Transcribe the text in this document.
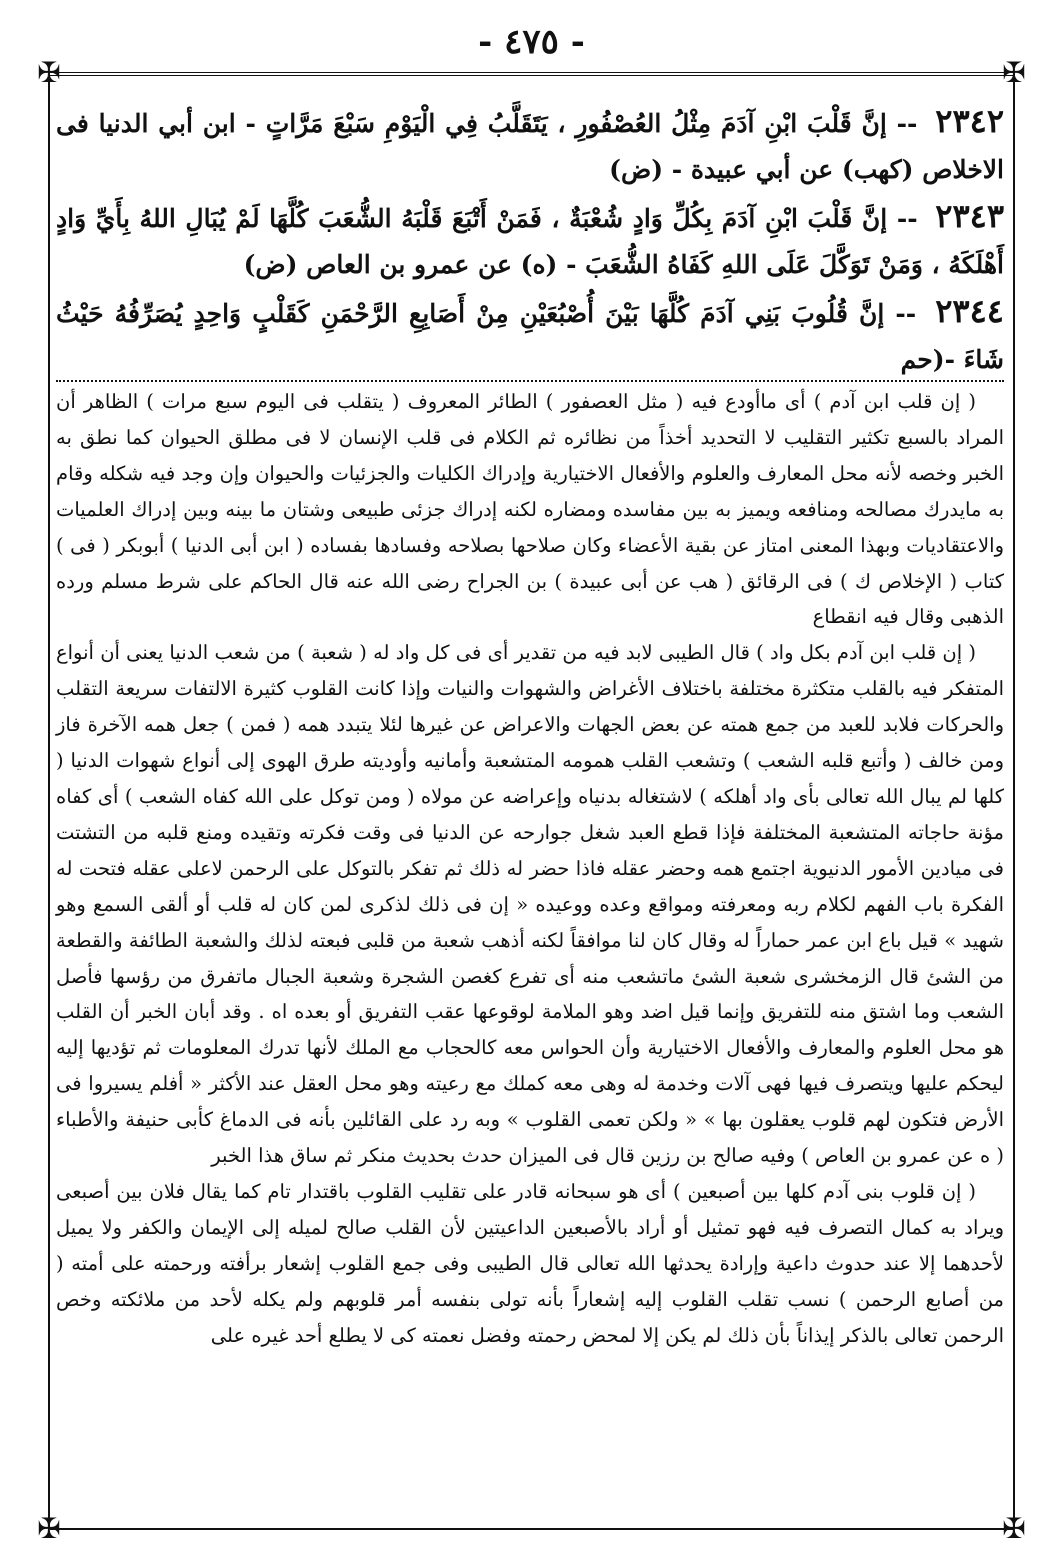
- ٤٧٥ -
✠	✠
✠	✠

٢٣٤٢ -- إنَّ قَلْبَ ابْنِ آدَمَ مِثْلُ العُصْفُورِ ، يَتَقَلَّبُ فِي الْيَوْمِ سَبْعَ مَرَّاتٍ - ابن أبي الدنيا فى الاخلاص (كهب) عن أبي عبيدة - (ض)

٢٣٤٣ -- إنَّ قَلْبَ ابْنِ آدَمَ بِكُلِّ وَادٍ شُعْبَةٌ ، فَمَنْ أَتْبَعَ قَلْبَهُ الشُّعَبَ كُلَّهَا لَمْ يُبَالِ اللهُ بِأَيِّ وَادٍ أَهْلَكَهُ ، وَمَنْ تَوَكَّلَ عَلَى اللهِ كَفَاهُ الشُّعَبَ - (ه) عن عمرو بن العاص (ض)

٢٣٤٤ -- إنَّ قُلُوبَ بَنِي آدَمَ كُلَّهَا بَيْنَ أُصْبُعَيْنِ مِنْ أَصَابِعِ الرَّحْمَنِ كَقَلْبٍ وَاحِدٍ يُصَرِّفُهُ حَيْثُ شَاءَ -(حم

( إن قلب ابن آدم ) أى ماأودع فيه ( مثل العصفور ) الطائر المعروف ( يتقلب فى اليوم سبع مرات ) الظاهر أن المراد بالسبع تكثير التقليب لا التحديد أخذاً من نظائره ثم الكلام فى قلب الإنسان لا فى مطلق الحيوان كما نطق به الخبر وخصه لأنه محل المعارف والعلوم والأفعال الاختيارية وإدراك الكليات والجزئيات والحيوان وإن وجد فيه شكله وقام به مايدرك مصالحه ومنافعه ويميز به بين مفاسده ومضاره لكنه إدراك جزئى طبيعى وشتان ما بينه وبين إدراك العلميات والاعتقاديات وبهذا المعنى امتاز عن بقية الأعضاء وكان صلاحها بصلاحه وفسادها بفساده ( ابن أبى الدنيا ) أبوبكر ( فى ) كتاب ( الإخلاص ك ) فى الرقائق ( هب عن أبى عبيدة ) بن الجراح رضى الله عنه قال الحاكم على شرط مسلم ورده الذهبى وقال فيه انقطاع

( إن قلب ابن آدم بكل واد ) قال الطيبى لابد فيه من تقدير أى فى كل واد له ( شعبة ) من شعب الدنيا يعنى أن أنواع المتفكر فيه بالقلب متكثرة مختلفة باختلاف الأغراض والشهوات والنيات وإذا كانت القلوب كثيرة الالتفات سريعة التقلب والحركات فلابد للعبد من جمع همته عن بعض الجهات والاعراض عن غيرها لئلا يتبدد همه ( فمن ) جعل همه الآخرة فاز ومن خالف ( وأتبع قلبه الشعب ) وتشعب القلب همومه المتشعبة وأمانيه وأوديته طرق الهوى إلى أنواع شهوات الدنيا ( كلها لم يبال الله تعالى بأى واد أهلكه ) لاشتغاله بدنياه وإعراضه عن مولاه ( ومن توكل على الله كفاه الشعب ) أى كفاه مؤنة حاجاته المتشعبة المختلفة فإذا قطع العبد شغل جوارحه عن الدنيا فى وقت فكرته وتقيده ومنع قلبه من التشتت فى ميادين الأمور الدنيوية اجتمع همه وحضر عقله فاذا حضر له ذلك ثم تفكر بالتوكل على الرحمن لاعلى عقله فتحت له الفكرة باب الفهم لكلام ربه ومعرفته ومواقع وعده ووعيده « إن فى ذلك لذكرى لمن كان له قلب أو ألقى السمع وهو شهيد » قيل باع ابن عمر حماراً له وقال كان لنا موافقاً لكنه أذهب شعبة من قلبى فبعته لذلك والشعبة الطائفة والقطعة من الشئ قال الزمخشرى شعبة الشئ ماتشعب منه أى تفرع كغصن الشجرة وشعبة الجبال ماتفرق من رؤسها فأصل الشعب وما اشتق منه للتفريق وإنما قيل اضد وهو الملامة لوقوعها عقب التفريق أو بعده اه . وقد أبان الخبر أن القلب هو محل العلوم والمعارف والأفعال الاختيارية وأن الحواس معه كالحجاب مع الملك لأنها تدرك المعلومات ثم تؤديها إليه ليحكم عليها ويتصرف فيها فهى آلات وخدمة له وهى معه كملك مع رعيته وهو محل العقل عند الأكثر « أفلم يسيروا فى الأرض فتكون لهم قلوب يعقلون بها » « ولكن تعمى القلوب » وبه رد على القائلين بأنه فى الدماغ كأبى حنيفة والأطباء ( ه عن عمرو بن العاص ) وفيه صالح بن رزين قال فى الميزان حدث بحديث منكر ثم ساق هذا الخبر

( إن قلوب بنى آدم كلها بين أصبعين ) أى هو سبحانه قادر على تقليب القلوب باقتدار تام كما يقال فلان بين أصبعى ويراد به كمال التصرف فيه فهو تمثيل أو أراد بالأصبعين الداعيتين لأن القلب صالح لميله إلى الإيمان والكفر ولا يميل لأحدهما إلا عند حدوث داعية وإرادة يحدثها الله تعالى قال الطيبى وفى جمع القلوب إشعار برأفته ورحمته على أمته ( من أصابع الرحمن ) نسب تقلب القلوب إليه إشعاراً بأنه تولى بنفسه أمر قلوبهم ولم يكله لأحد من ملائكته وخص الرحمن تعالى بالذكر إيذاناً بأن ذلك لم يكن إلا لمحض رحمته وفضل نعمته كى لا يطلع أحد غيره على
